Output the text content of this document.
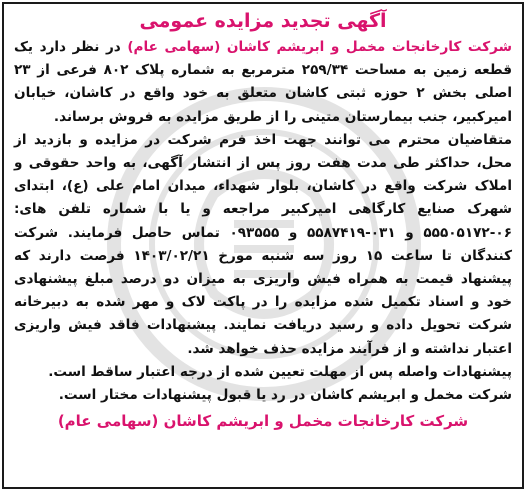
آگهی تجدید مزایده عمومی

شرکت کارخانجات مخمل و ابریشم کاشان (سهامی عام) در نظر دارد یک قطعه زمین به مساحت ۲۵۹/۳۴ مترمربع به شماره پلاک ۸۰۲ فرعی از ۲۳ اصلی بخش ۲ حوزه ثبتی کاشان متعلق به خود واقع در کاشان، خیابان امیرکبیر، جنب بیمارستان متینی را از طریق مزایده به فروش برساند.

متقاضیان محترم می توانند جهت اخذ فرم شرکت در مزایده و بازدید از محل، حداکثر طی مدت هفت روز پس از انتشار آگهی، به واحد حقوقی و املاک شرکت واقع در کاشان، بلوار شهداء، میدان امام علی (ع)، ابتدای شهرک صنایع کارگاهی امیرکبیر مراجعه و یا با شماره تلفن های: ۰۶-۵۵۵۰۵۱۷۲ و ۰۳۱-۵۵۸۷۴۱۹ و ۰۹۳۵۵۵ تماس حاصل فرمایند. شرکت کنندگان تا ساعت ۱۵ روز سه شنبه مورخ ۱۴۰۳/۰۲/۲۱ فرصت دارند که پیشنهاد قیمت به همراه فیش واریزی به میزان دو درصد مبلغ پیشنهادی خود و اسناد تکمیل شده مزایده را در پاکت لاک و مهر شده به دبیرخانه شرکت تحویل داده و رسید دریافت نمایند. پیشنهادات فاقد فیش واریزی اعتبار نداشته و از فرآیند مزایده حذف خواهد شد.

پیشنهادات واصله پس از مهلت تعیین شده از درجه اعتبار ساقط است.

شرکت مخمل و ابریشم کاشان در رد یا قبول پیشنهادات مختار است.

شرکت کارخانجات مخمل و ابریشم کاشان (سهامی عام)
